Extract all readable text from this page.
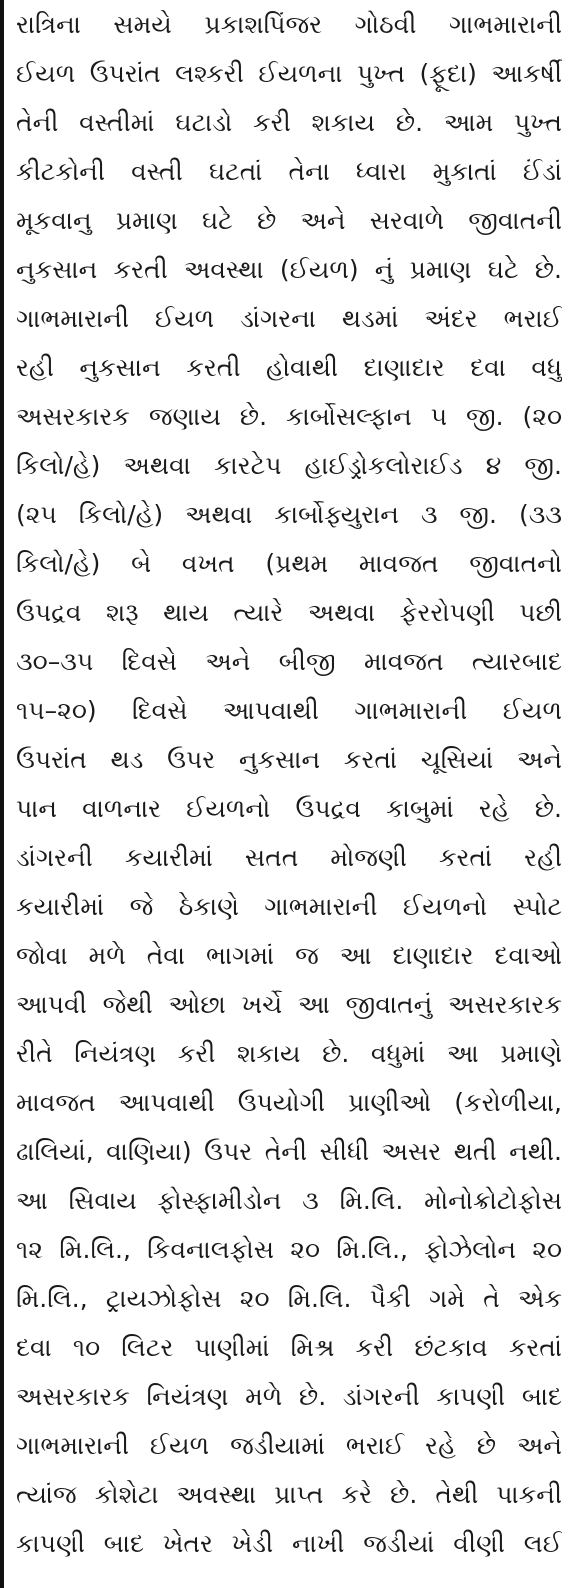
રાત્રિના સમયે પ્રકાશપિંજર ગોઠવી ગાભમારાની
ઈયળ ઉપરાંત લશ્કરી ઈયળના પુખ્ત (ફૂદા) આકર્ષી
તેની વસ્તીમાં ઘટાડો કરી શકાય છે. આમ પુખ્ત
કીટકોની વસ્તી ઘટતાં તેના ધ્વારા મુકાતાં ઈંડાં
મૂકવાનુ પ્રમાણ ઘટે છે અને સરવાળે જીવાતની
નુકસાન કરતી અવસ્થા (ઈયળ) નું પ્રમાણ ઘટે છે.
ગાભમારાની ઈયળ ડાંગરના થડમાં અંદર ભરાઈ
રહી નુકસાન કરતી હોવાથી દાણાદાર દવા વધુ
અસરકારક જણાય છે. કાર્બોસલ્ફાન ૫ જી. (૨૦
કિલો/હે) અથવા કારટેપ હાઈડ્રોકલોરાઈડ ૪ જી.
(૨૫ કિલો/હે) અથવા કાર્બોફ્યુરાન ૩ જી. (૩૩
કિલો/હે) બે વખત (પ્રથમ માવજત જીવાતનો
ઉપદ્રવ શરૂ થાય ત્યારે અથવા ફેરરોપણી પછી
૩૦–૩૫ દિવસે અને બીજી માવજત ત્યારબાદ
૧૫–૨૦) દિવસે આપવાથી ગાભમારાની ઈયળ
ઉપરાંત થડ ઉપર નુકસાન કરતાં ચૂસિયાં અને
પાન વાળનાર ઈયળનો ઉપદ્રવ કાબુમાં રહે છે.
ડાંગરની કયારીમાં સતત મોજણી કરતાં રહી
કયારીમાં જે ઠેકાણે ગાભમારાની ઈયળનો સ્પોટ
જોવા મળે તેવા ભાગમાં જ આ દાણાદાર દવાઓ
આપવી જેથી ઓછા ખર્ચે આ જીવાતનું અસરકારક
રીતે નિયંત્રણ કરી શકાય છે. વધુમાં આ પ્રમાણે
માવજત આપવાથી ઉપયોગી પ્રાણીઓ (કરોળીયા,
ઢાલિયાં, વાણિયા) ઉપર તેની સીધી અસર થતી નથી.
આ સિવાય ફોસ્ફામીડોન ૩ મિ.લિ. મોનોક્રોટોફોસ
૧૨ મિ.લિ., કિવનાલફોસ ૨૦ મિ.લિ., ફોઝેલોન ૨૦
મિ.લિ., ટ્રાયઝોફોસ ૨૦ મિ.લિ. પૈકી ગમે તે એક
દવા ૧૦ લિટર પાણીમાં મિશ્ર કરી છંટકાવ કરતાં
અસરકારક નિયંત્રણ મળે છે. ડાંગરની કાપણી બાદ
ગાભમારાની ઈયળ જડીયામાં ભરાઈ રહે છે અને
ત્યાંજ કોશેટા અવસ્થા પ્રાપ્ત કરે છે. તેથી પાકની
કાપણી બાદ ખેતર ખેડી નાખી જડીયાં વીણી લઈ
